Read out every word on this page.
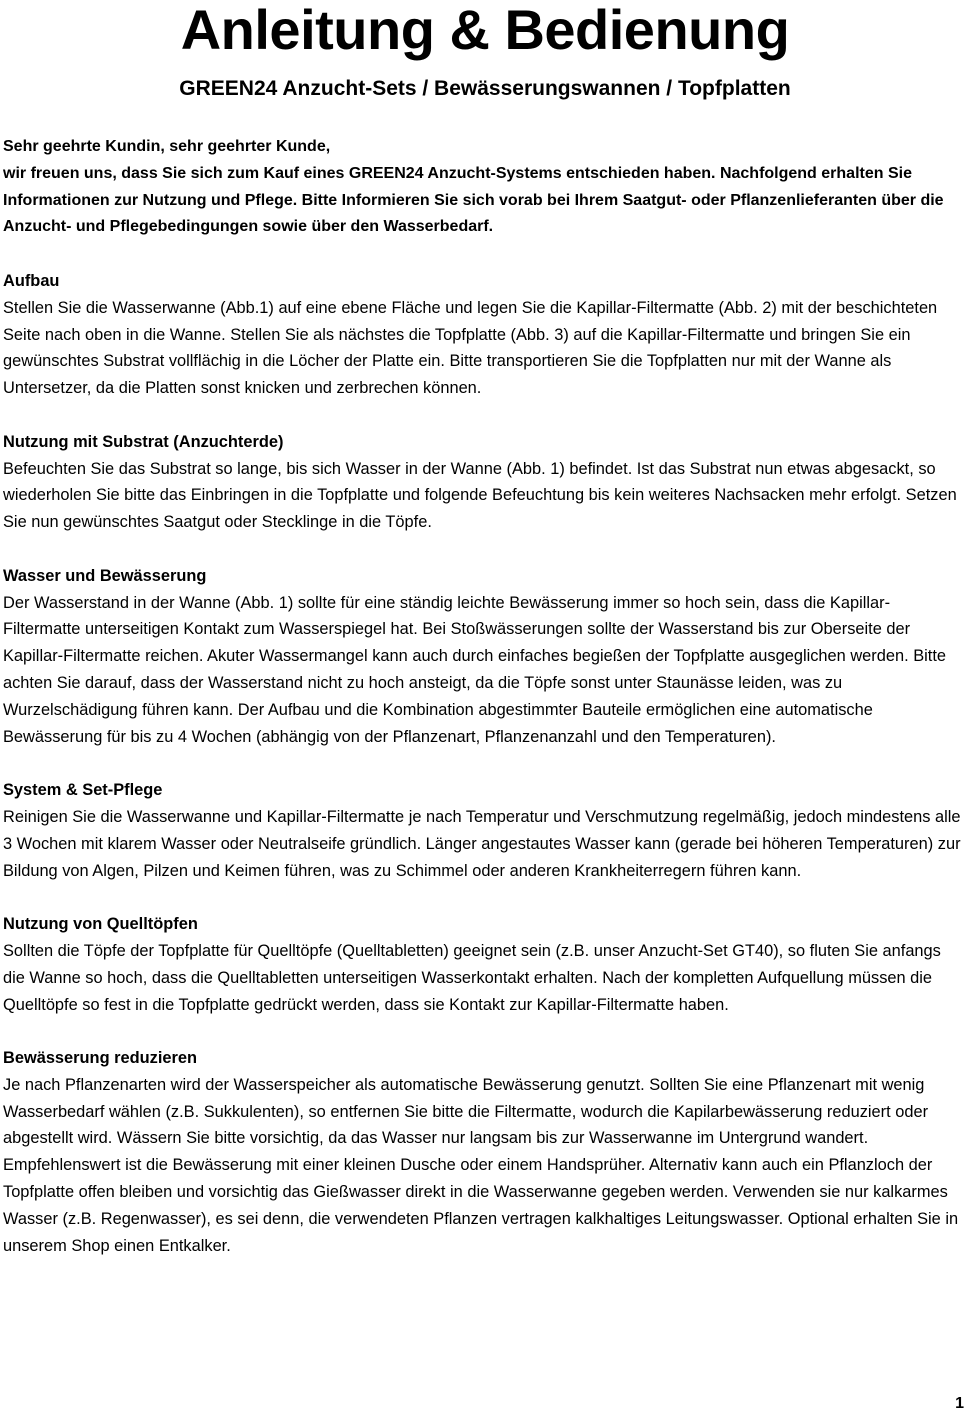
Anleitung & Bedienung
GREEN24 Anzucht-Sets / Bewässerungswannen / Topfplatten
Sehr geehrte Kundin, sehr geehrter Kunde,
wir freuen uns, dass Sie sich zum Kauf eines GREEN24 Anzucht-Systems entschieden haben. Nachfolgend erhalten Sie Informationen zur Nutzung und Pflege. Bitte Informieren Sie sich vorab bei Ihrem Saatgut- oder Pflanzenlieferanten über die Anzucht- und Pflegebedingungen sowie über den Wasserbedarf.
Aufbau

Stellen Sie die Wasserwanne (Abb.1) auf eine ebene Fläche und legen Sie die Kapillar-Filtermatte (Abb. 2) mit der beschichteten Seite nach oben in die Wanne. Stellen Sie als nächstes die Topfplatte (Abb. 3) auf die Kapillar-Filtermatte und bringen Sie ein gewünschtes Substrat vollflächig in die Löcher der Platte ein. Bitte transportieren Sie die Topfplatten nur mit der Wanne als Untersetzer, da die Platten sonst knicken und zerbrechen können.

Nutzung mit Substrat (Anzuchterde)

Befeuchten Sie das Substrat so lange, bis sich Wasser in der Wanne (Abb. 1) befindet. Ist das Substrat nun etwas abgesackt, so wiederholen Sie bitte das Einbringen in die Topfplatte und folgende Befeuchtung bis kein weiteres Nachsacken mehr erfolgt. Setzen Sie nun gewünschtes Saatgut oder Stecklinge in die Töpfe.

Wasser und Bewässerung

Der Wasserstand in der Wanne (Abb. 1) sollte für eine ständig leichte Bewässerung immer so hoch sein, dass die Kapillar-Filtermatte unterseitigen Kontakt zum Wasserspiegel hat. Bei Stoßwässerungen sollte der Wasserstand bis zur Oberseite der Kapillar-Filtermatte reichen. Akuter Wassermangel kann auch durch einfaches begießen der Topfplatte ausgeglichen werden. Bitte achten Sie darauf, dass der Wasserstand nicht zu hoch ansteigt, da die Töpfe sonst unter Staunässe leiden, was zu Wurzelschädigung führen kann. Der Aufbau und die Kombination abgestimmter Bauteile ermöglichen eine automatische Bewässerung für bis zu 4 Wochen (abhängig von der Pflanzenart, Pflanzenanzahl und den Temperaturen).

System & Set-Pflege

Reinigen Sie die Wasserwanne und Kapillar-Filtermatte je nach Temperatur und Verschmutzung regelmäßig, jedoch mindestens alle 3 Wochen mit klarem Wasser oder Neutralseife gründlich. Länger angestautes Wasser kann (gerade bei höheren Temperaturen) zur Bildung von Algen, Pilzen und Keimen führen, was zu Schimmel oder anderen Krankheiterregern führen kann.

Nutzung von Quelltöpfen

Sollten die Töpfe der Topfplatte für Quelltöpfe (Quelltabletten) geeignet sein (z.B. unser Anzucht-Set GT40), so fluten Sie anfangs die Wanne so hoch, dass die Quelltabletten unterseitigen Wasserkontakt erhalten. Nach der kompletten Aufquellung müssen die Quelltöpfe so fest in die Topfplatte gedrückt werden, dass sie Kontakt zur Kapillar-Filtermatte haben.

Bewässerung reduzieren

Je nach Pflanzenarten wird der Wasserspeicher als automatische Bewässerung genutzt. Sollten Sie eine Pflanzenart mit wenig Wasserbedarf wählen (z.B. Sukkulenten), so entfernen Sie bitte die Filtermatte, wodurch die Kapilarbewässerung reduziert oder abgestellt wird. Wässern Sie bitte vorsichtig, da das Wasser nur langsam bis zur Wasserwanne im Untergrund wandert. Empfehlenswert ist die Bewässerung mit einer kleinen Dusche oder einem Handsprüher. Alternativ kann auch ein Pflanzloch der Topfplatte offen bleiben und vorsichtig das Gießwasser direkt in die Wasserwanne gegeben werden. Verwenden sie nur kalkarmes Wasser (z.B. Regenwasser), es sei denn, die verwendeten Pflanzen vertragen kalkhaltiges Leitungswasser. Optional erhalten Sie in unserem Shop einen Entkalker.

1
